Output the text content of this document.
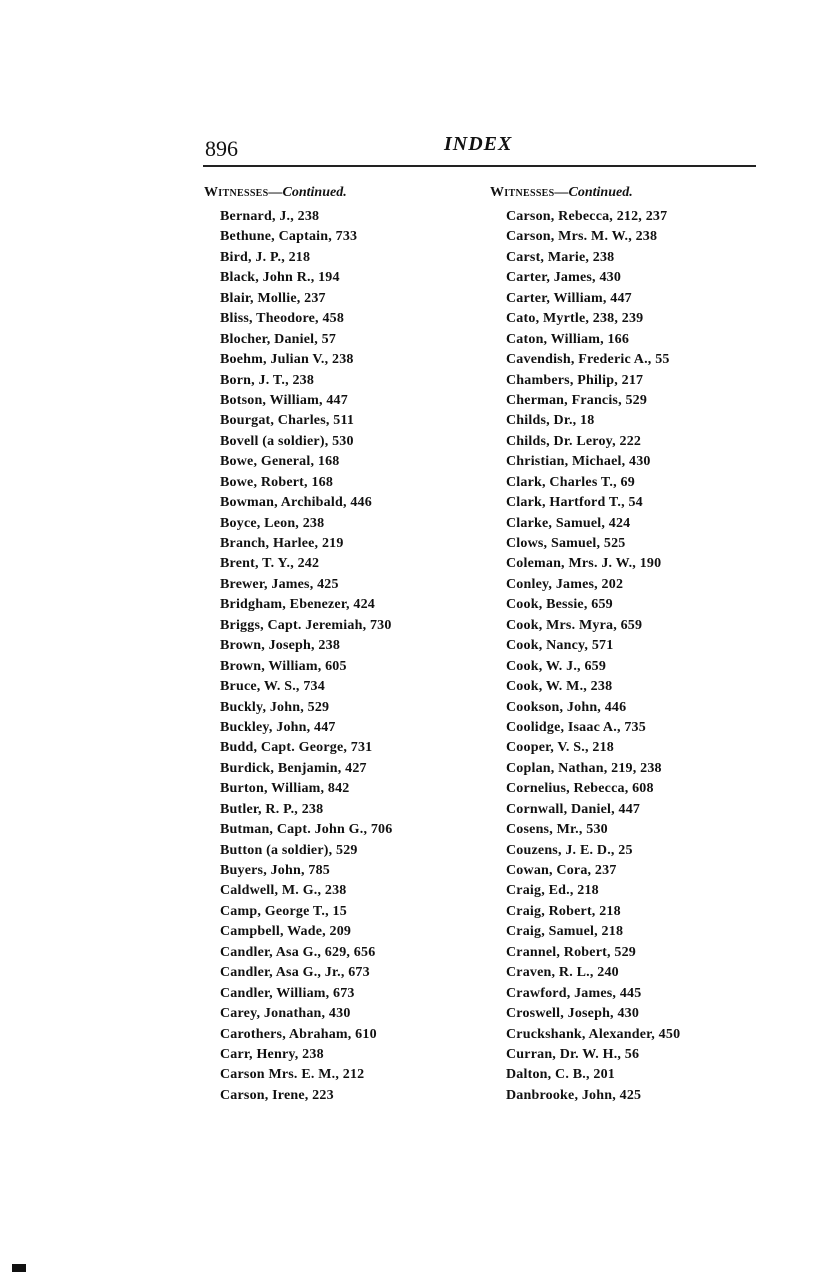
896	INDEX
Witnesses—Continued.
Bernard, J., 238
Bethune, Captain, 733
Bird, J. P., 218
Black, John R., 194
Blair, Mollie, 237
Bliss, Theodore, 458
Blocher, Daniel, 57
Boehm, Julian V., 238
Born, J. T., 238
Botson, William, 447
Bourgat, Charles, 511
Bovell (a soldier), 530
Bowe, General, 168
Bowe, Robert, 168
Bowman, Archibald, 446
Boyce, Leon, 238
Branch, Harlee, 219
Brent, T. Y., 242
Brewer, James, 425
Bridgham, Ebenezer, 424
Briggs, Capt. Jeremiah, 730
Brown, Joseph, 238
Brown, William, 605
Bruce, W. S., 734
Buckly, John, 529
Buckley, John, 447
Budd, Capt. George, 731
Burdick, Benjamin, 427
Burton, William, 842
Butler, R. P., 238
Butman, Capt. John G., 706
Button (a soldier), 529
Buyers, John, 785
Caldwell, M. G., 238
Camp, George T., 15
Campbell, Wade, 209
Candler, Asa G., 629, 656
Candler, Asa G., Jr., 673
Candler, William, 673
Carey, Jonathan, 430
Carothers, Abraham, 610
Carr, Henry, 238
Carson Mrs. E. M., 212
Carson, Irene, 223
Witnesses—Continued.
Carson, Rebecca, 212, 237
Carson, Mrs. M. W., 238
Carst, Marie, 238
Carter, James, 430
Carter, William, 447
Cato, Myrtle, 238, 239
Caton, William, 166
Cavendish, Frederic A., 55
Chambers, Philip, 217
Cherman, Francis, 529
Childs, Dr., 18
Childs, Dr. Leroy, 222
Christian, Michael, 430
Clark, Charles T., 69
Clark, Hartford T., 54
Clarke, Samuel, 424
Clows, Samuel, 525
Coleman, Mrs. J. W., 190
Conley, James, 202
Cook, Bessie, 659
Cook, Mrs. Myra, 659
Cook, Nancy, 571
Cook, W. J., 659
Cook, W. M., 238
Cookson, John, 446
Coolidge, Isaac A., 735
Cooper, V. S., 218
Coplan, Nathan, 219, 238
Cornelius, Rebecca, 608
Cornwall, Daniel, 447
Cosens, Mr., 530
Couzens, J. E. D., 25
Cowan, Cora, 237
Craig, Ed., 218
Craig, Robert, 218
Craig, Samuel, 218
Crannel, Robert, 529
Craven, R. L., 240
Crawford, James, 445
Croswell, Joseph, 430
Cruckshank, Alexander, 450
Curran, Dr. W. H., 56
Dalton, C. B., 201
Danbrooke, John, 425
